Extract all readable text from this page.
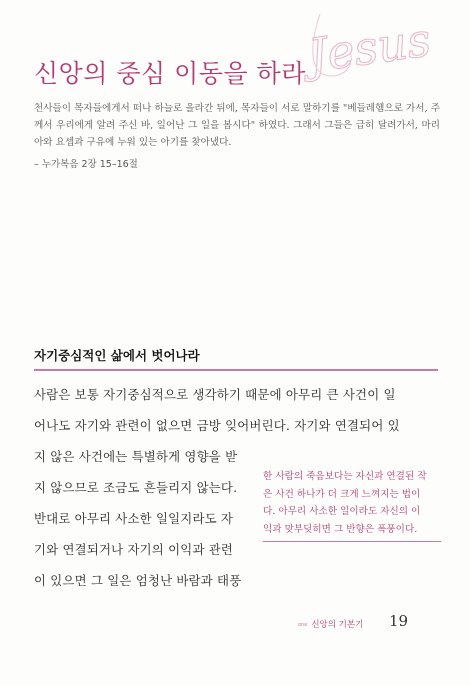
Jesus
신앙의 중심 이동을 하라

천사들이 목자들에게서 떠나 하늘로 올라간 뒤에, 목자들이 서로 말하기를 "베들레헴으로 가서, 주께서 우리에게 알려 주신 바, 일어난 그 일을 봅시다" 하였다. 그래서 그들은 급히 달려가서, 마리아와 요셉과 구유에 누워 있는 아기를 찾아냈다.

– 누가복음 2장 15–16절
자기중심적인 삶에서 벗어나라
사람은 보통 자기중심적으로 생각하기 때문에 아무리 큰 사건이 일
어나도 자기와 관련이 없으면 금방 잊어버린다. 자기와 연결되어 있
지 않은 사건에는 특별하게 영향을 받
지 않으므로 조금도 흔들리지 않는다.
반대로 아무리 사소한 일일지라도 자
기와 연결되거나 자기의 이익과 관련
이 있으면 그 일은 엄청난 바람과 태풍
한 사람의 죽음보다는 자신과 연결된 작
은 사건 하나가 더 크게 느껴지는 법이
다. 아무리 사소한 일이라도 자신의 이
익과 맞부딪히면 그 반향은 폭풍이다.
one 신앙의 기본기 19
